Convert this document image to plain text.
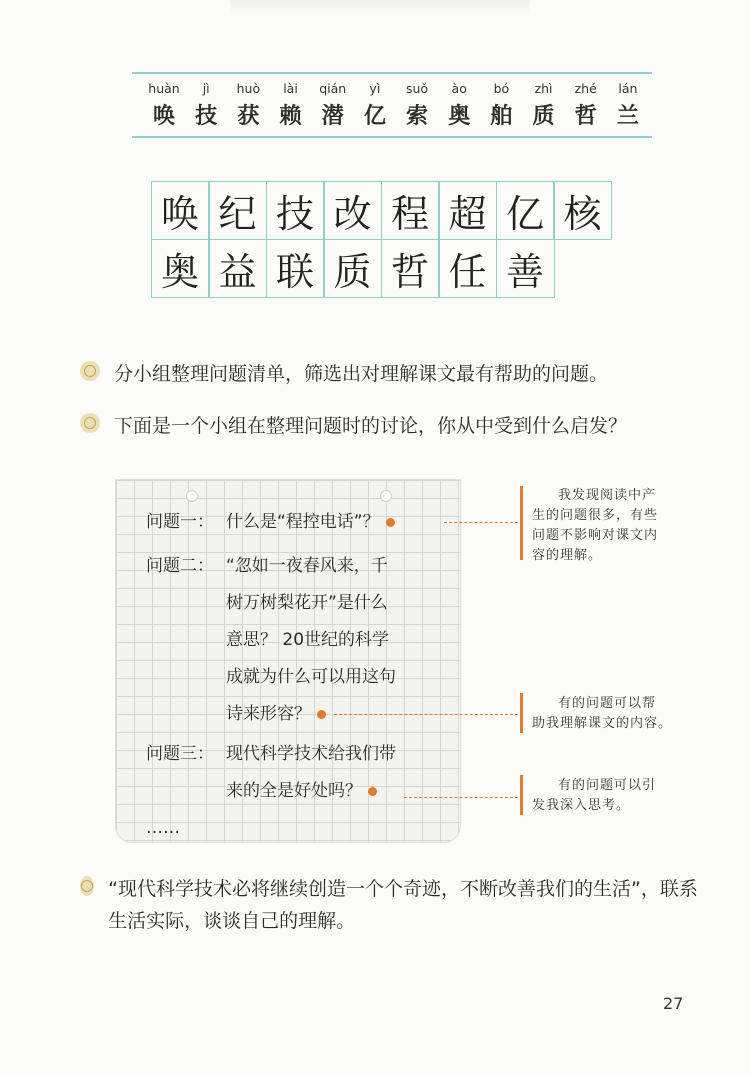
huàn	jì	huò	lài	qián	yì	suǒ	ào	bó	zhì	zhé	lán
唤 技 获 赖 潜 亿 索 奥 舶 质 哲 兰
唤 纪 技 改 程 超 亿 核
奥 益 联 质 哲 任 善
分小组整理问题清单，筛选出对理解课文最有帮助的问题。
下面是一个小组在整理问题时的讨论，你从中受到什么启发？
问题一： 什么是“程控电话”？
问题二： “忽如一夜春风来，千
树万树梨花开”是什么
意思？ 20世纪的科学
成就为什么可以用这句
诗来形容？
问题三： 现代科学技术给我们带
来的全是好处吗？
……
我发现阅读中产
生的问题很多，有些
问题不影响对课文内
容的理解。
有的问题可以帮
助我理解课文的内容。
有的问题可以引
发我深入思考。
“现代科学技术必将继续创造一个个奇迹，不断改善我们的生活”，联系生活实际，谈谈自己的理解。
27
